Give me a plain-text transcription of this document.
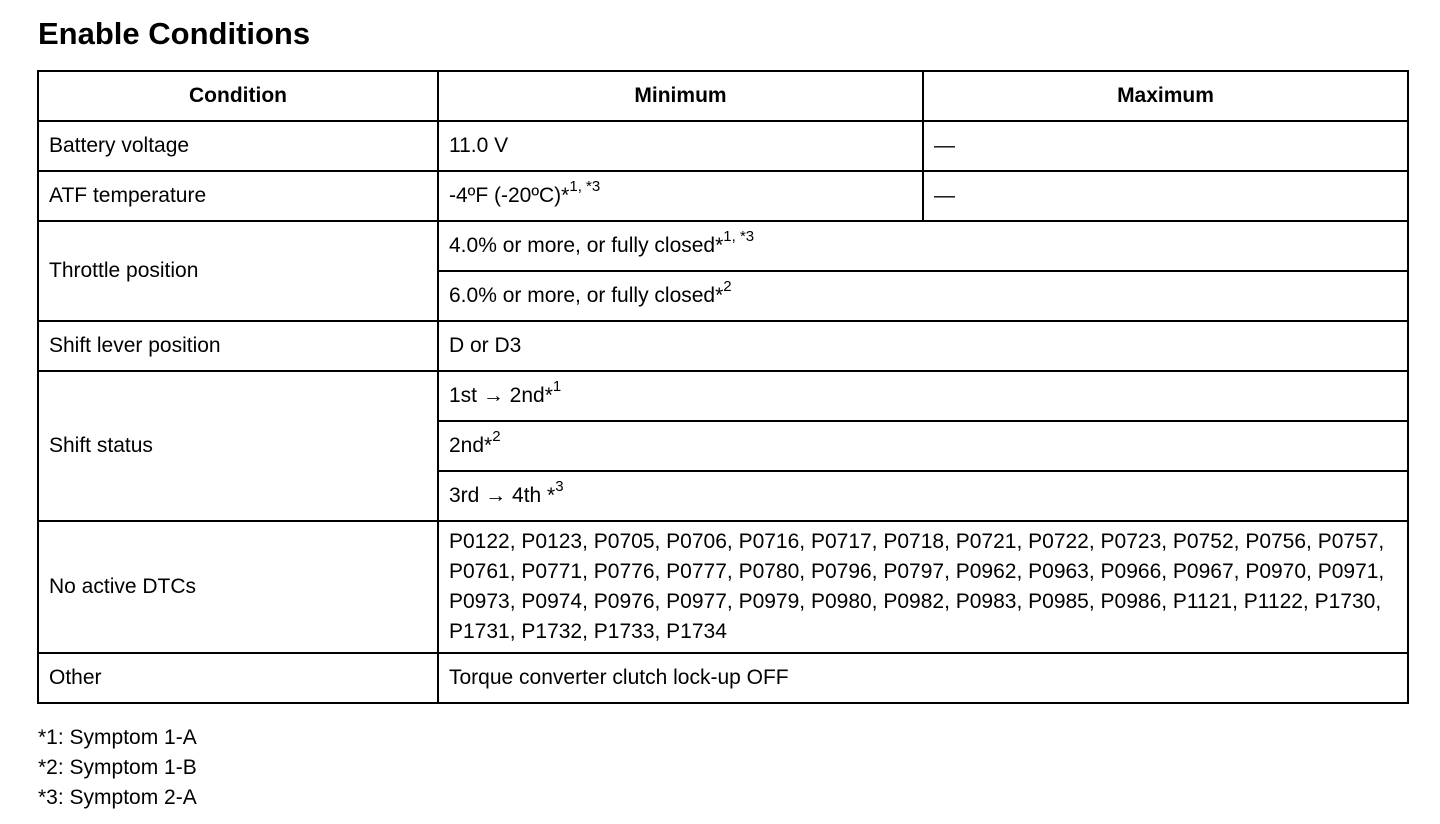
Enable Conditions
Condition	Minimum	Maximum
Battery voltage	11.0 V	—
ATF temperature	-4ºF (-20ºC)*$^{1, *3}$	—
Throttle position	4.0% or more, or fully closed*$^{1, *3}$
	6.0% or more, or fully closed*$^2$
Shift lever position	D or D3	
Shift status	1st → 2nd*$^1$
	2nd*$^2$
	3rd → 4th *$^3$
No active DTCs	P0122, P0123, P0705, P0706, P0716, P0717, P0718, P0721, P0722, P0723, P0752, P0756, P0757, P0761, P0771, P0776, P0777, P0780, P0796, P0797, P0962, P0963, P0966, P0967, P0970, P0971, P0973, P0974, P0976, P0977, P0979, P0980, P0982, P0983, P0985, P0986, P1121, P1122, P1730, P1731, P1732, P1733, P1734	
Other	Torque converter clutch lock-up OFF	
*1: Symptom 1-A
*2: Symptom 1-B
*3: Symptom 2-A
